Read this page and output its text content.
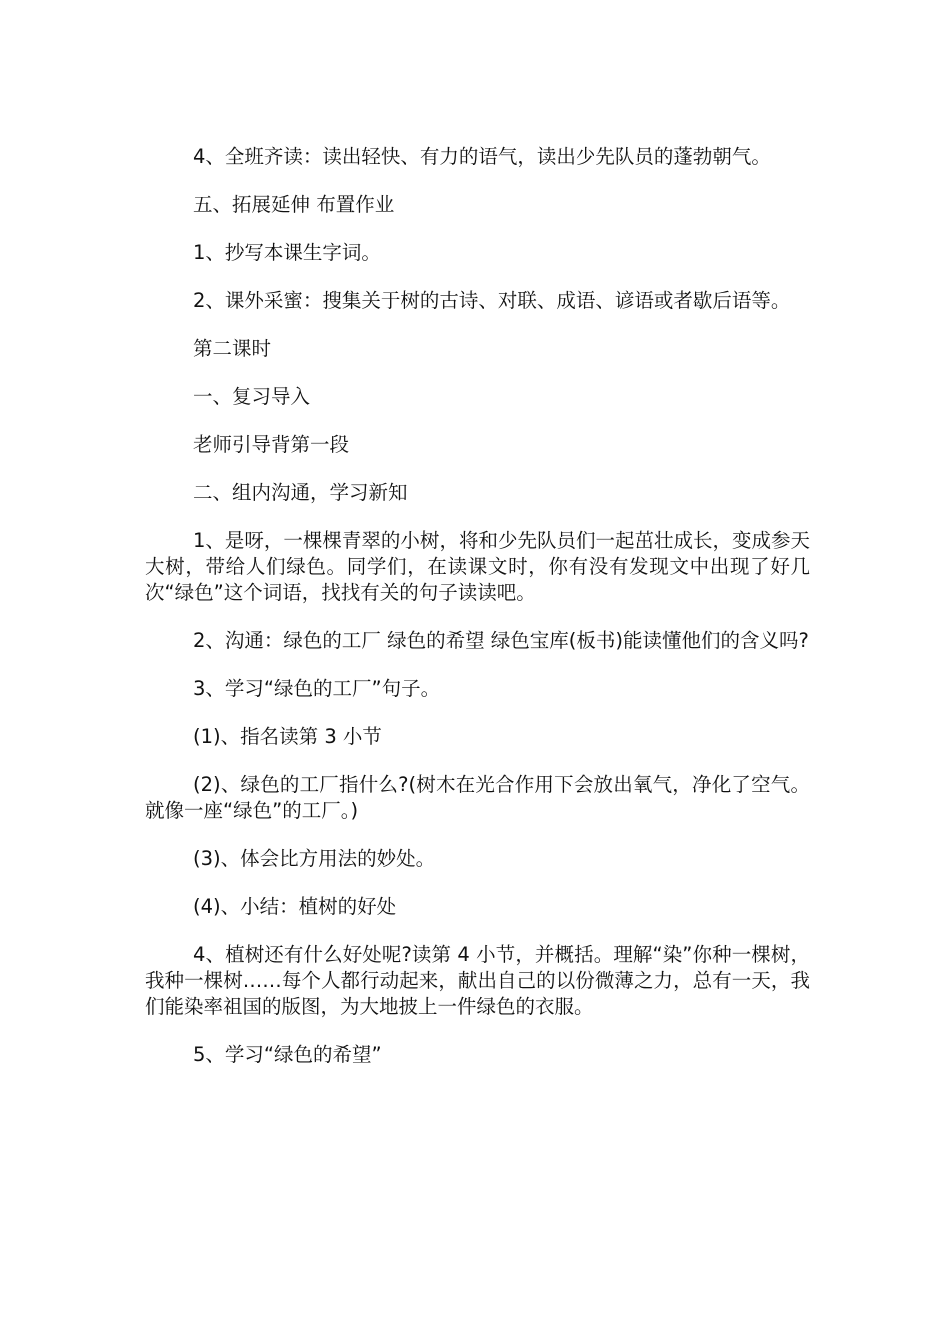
4、全班齐读：读出轻快、有力的语气，读出少先队员的蓬勃朝气。

五、拓展延伸 布置作业

1、抄写本课生字词。

2、课外采蜜：搜集关于树的古诗、对联、成语、谚语或者歇后语等。

第二课时

一、复习导入

老师引导背第一段

二、组内沟通，学习新知

1、是呀，一棵棵青翠的小树，将和少先队员们一起茁壮成长，变成参天大树，带给人们绿色。同学们，在读课文时，你有没有发现文中出现了好几次“绿色”这个词语，找找有关的句子读读吧。

2、沟通：绿色的工厂 绿色的希望 绿色宝库(板书)能读懂他们的含义吗?

3、学习“绿色的工厂”句子。

(1)、指名读第 3 小节

(2)、绿色的工厂指什么?(树木在光合作用下会放出氧气，净化了空气。就像一座“绿色”的工厂。)

(3)、体会比方用法的妙处。

(4)、小结：植树的好处

4、植树还有什么好处呢?读第 4 小节，并概括。理解“染”你种一棵树，我种一棵树……每个人都行动起来，献出自己的以份微薄之力，总有一天，我们能染率祖国的版图，为大地披上一件绿色的衣服。

5、学习“绿色的希望”
